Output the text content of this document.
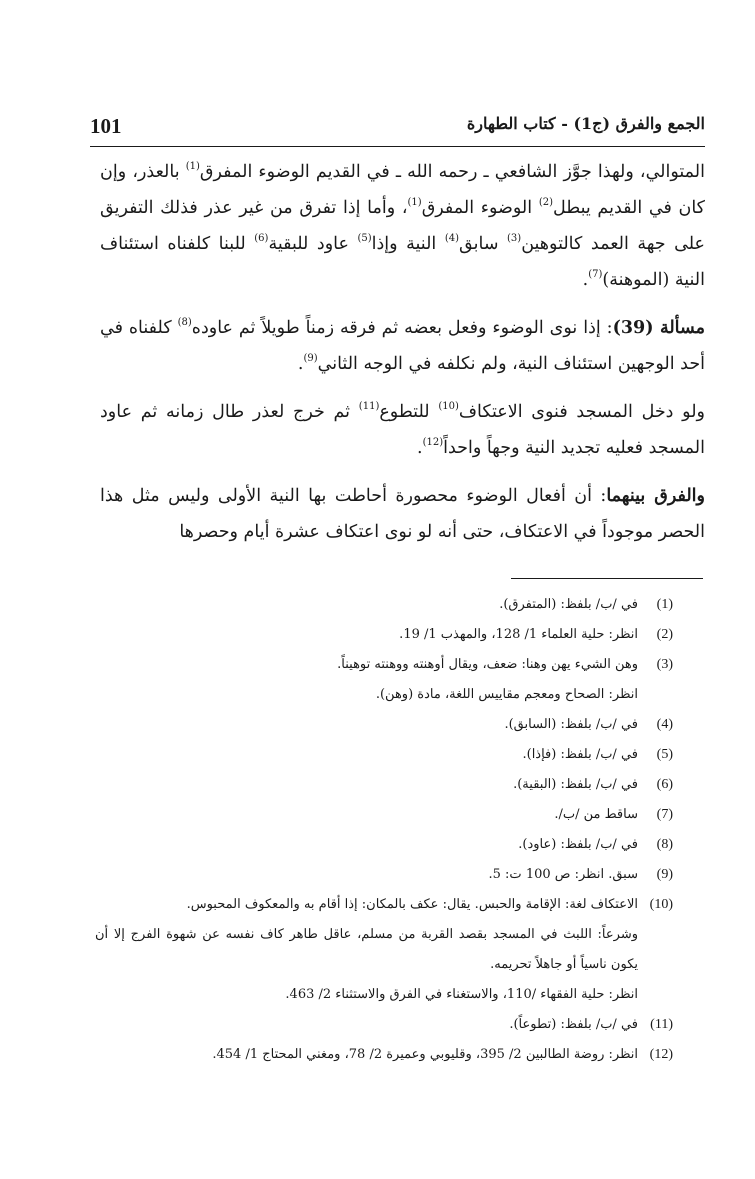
101	الجمع والفرق (ج1) - كتاب الطهارة

المتوالي، ولهذا جوَّز الشافعي ـ رحمه الله ـ في القديم الوضوء المفرق$^{(1)}$ بالعذر، وإن كان في القديم يبطل$^{(2)}$ الوضوء المفرق$^{(1)}$، وأما إذا تفرق من غير عذر فذلك التفريق على جهة العمد كالتوهين$^{(3)}$ سابق$^{(4)}$ النية وإذا$^{(5)}$ عاود للبقية$^{(6)}$ للبنا كلفناه استئناف النية (الموهنة)$^{(7)}$.

مسألة (39): إذا نوى الوضوء وفعل بعضه ثم فرقه زمناً طويلاً ثم عاوده$^{(8)}$ كلفناه في أحد الوجهين استئناف النية، ولم نكلفه في الوجه الثاني$^{(9)}$.

ولو دخل المسجد فنوى الاعتكاف$^{(10)}$ للتطوع$^{(11)}$ ثم خرج لعذر طال زمانه ثم عاود المسجد فعليه تجديد النية وجهاً واحداً$^{(12)}$.

والفرق بينهما: أن أفعال الوضوء محصورة أحاطت بها النية الأولى وليس مثل هذا الحصر موجوداً في الاعتكاف، حتى أنه لو نوى اعتكاف عشرة أيام وحصرها

(1)
في /ب/ بلفظ: (المتفرق).
(2)
انظر: حلية العلماء 1/ 128، والمهذب 1/ 19.
(3)
وهن الشيء يهن وهنا: ضعف، ويقال أوهنته ووهنته توهيناً.
انظر: الصحاح ومعجم مقاييس اللغة، مادة (وهن).
(4)
في /ب/ بلفظ: (السابق).
(5)
في /ب/ بلفظ: (فإذا).
(6)
في /ب/ بلفظ: (البقية).
(7)
ساقط من /ب/.
(8)
في /ب/ بلفظ: (عاود).
(9)
سبق. انظر: ص 100 ت: 5.
(10)
الاعتكاف لغة: الإقامة والحبس. يقال: عكف بالمكان: إذا أقام به والمعكوف المحبوس.
وشرعاً: اللبث في المسجد بقصد القربة من مسلم، عاقل طاهر كاف نفسه عن شهوة الفرج إلا أن يكون ناسياً أو جاهلاً تحريمه.
انظر: حلية الفقهاء /110، والاستغناء في الفرق والاستثناء 2/ 463.
(11)
في /ب/ بلفظ: (تطوعاً).
(12)
انظر: روضة الطالبين 2/ 395، وقليوبي وعميرة 2/ 78، ومغني المحتاج 1/ 454.
